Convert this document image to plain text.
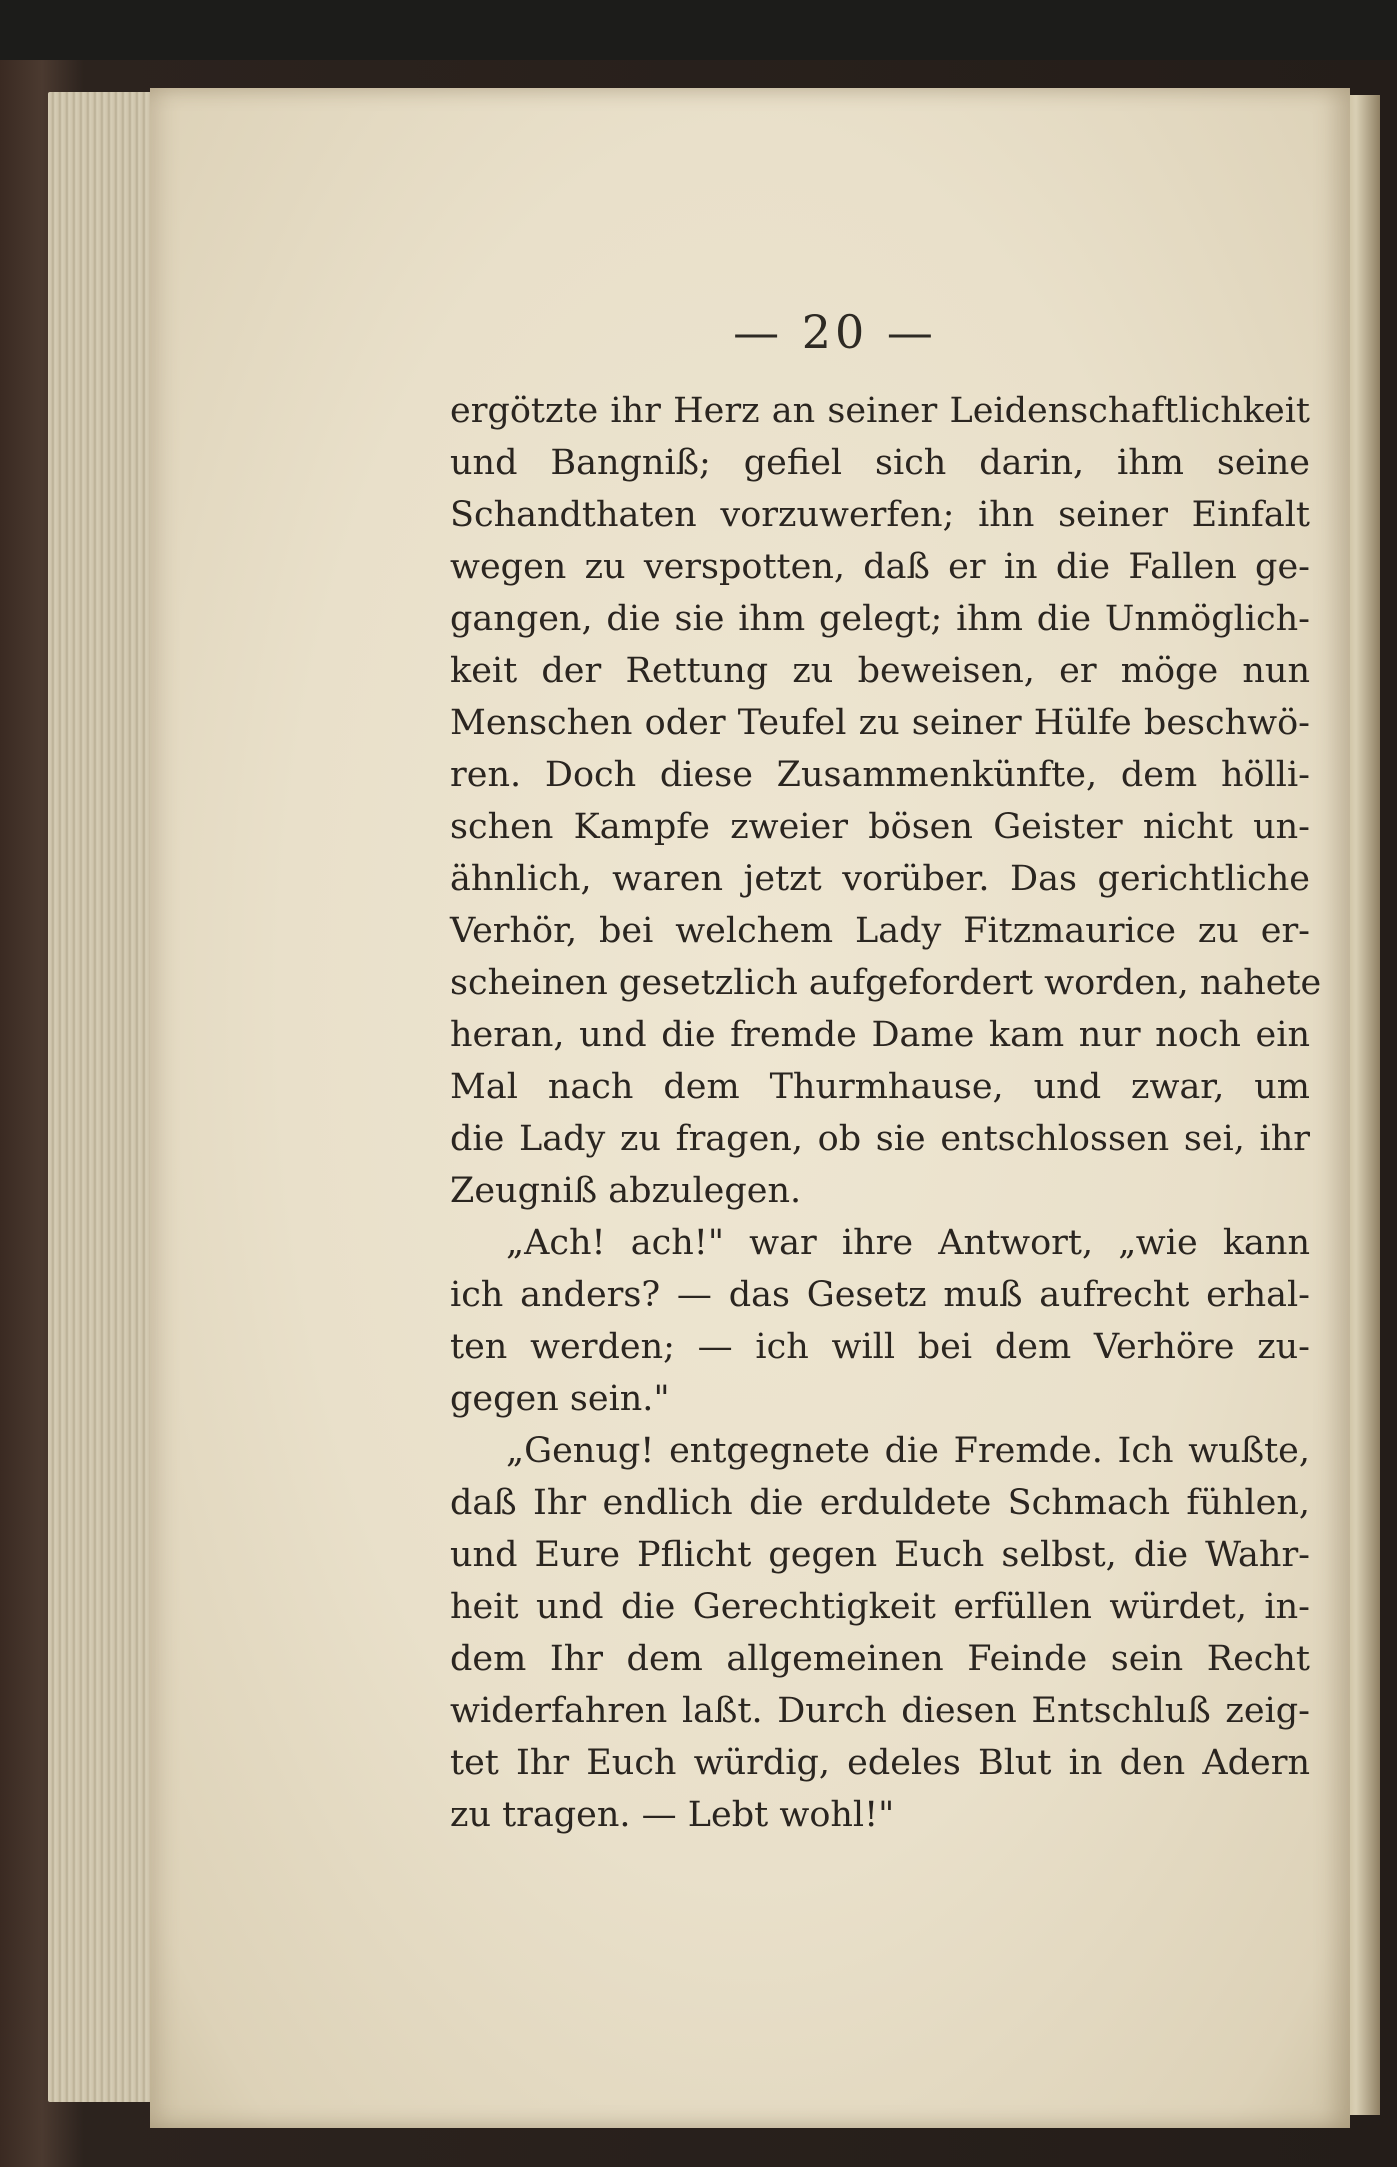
— 20 —
ergötzte ihr Herz an seiner Leidenschaftlichkeit
und Bangniß; gefiel sich darin, ihm seine
Schandthaten vorzuwerfen; ihn seiner Einfalt
wegen zu verspotten, daß er in die Fallen ge-
gangen, die sie ihm gelegt; ihm die Unmöglich-
keit der Rettung zu beweisen, er möge nun
Menschen oder Teufel zu seiner Hülfe beschwö-
ren. Doch diese Zusammenkünfte, dem hölli-
schen Kampfe zweier bösen Geister nicht un-
ähnlich, waren jetzt vorüber. Das gerichtliche
Verhör, bei welchem Lady Fitzmaurice zu er-
scheinen gesetzlich aufgefordert worden, nahete
heran, und die fremde Dame kam nur noch ein
Mal nach dem Thurmhause, und zwar, um
die Lady zu fragen, ob sie entschlossen sei, ihr
Zeugniß abzulegen.
„Ach! ach!" war ihre Antwort, „wie kann
ich anders? — das Gesetz muß aufrecht erhal-
ten werden; — ich will bei dem Verhöre zu-
gegen sein."
„Genug! entgegnete die Fremde. Ich wußte,
daß Ihr endlich die erduldete Schmach fühlen,
und Eure Pflicht gegen Euch selbst, die Wahr-
heit und die Gerechtigkeit erfüllen würdet, in-
dem Ihr dem allgemeinen Feinde sein Recht
widerfahren laßt. Durch diesen Entschluß zeig-
tet Ihr Euch würdig, edeles Blut in den Adern
zu tragen. — Lebt wohl!"
